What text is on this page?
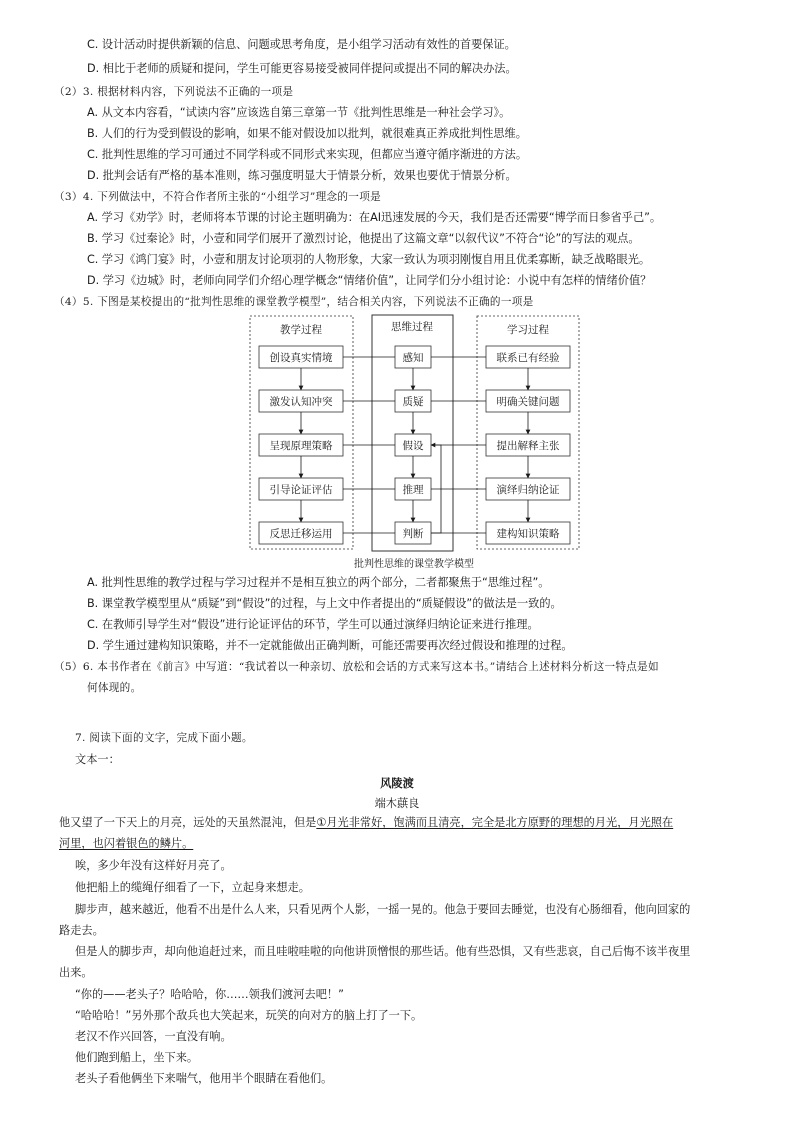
C. 设计活动时提供新颖的信息、问题或思考角度，是小组学习活动有效性的首要保证。
D. 相比于老师的质疑和提问，学生可能更容易接受被同伴提问或提出不同的解决办法。
（2）3. 根据材料内容，下列说法不正确的一项是
A. 从文本内容看，“试读内容”应该选自第三章第一节《批判性思维是一种社会学习》。
B. 人们的行为受到假设的影响，如果不能对假设加以批判，就很难真正养成批判性思维。
C. 批判性思维的学习可通过不同学科或不同形式来实现，但都应当遵守循序渐进的方法。
D. 批判会话有严格的基本准则，练习强度明显大于情景分析，效果也要优于情景分析。
（3）4. 下列做法中，不符合作者所主张的“小组学习”理念的一项是
A. 学习《劝学》时，老师将本节课的讨论主题明确为：在AI迅速发展的今天，我们是否还需要“博学而日参省乎己”。
B. 学习《过秦论》时，小壹和同学们展开了激烈讨论，他提出了这篇文章“以叙代议”不符合“论”的写法的观点。
C. 学习《鸿门宴》时，小壹和朋友讨论项羽的人物形象，大家一致认为项羽刚愎自用且优柔寡断，缺乏战略眼光。
D. 学习《边城》时，老师向同学们介绍心理学概念“情绪价值”，让同学们分小组讨论：小说中有怎样的情绪价值？
（4）5. 下图是某校提出的“批判性思维的课堂教学模型”，结合相关内容，下列说法不正确的一项是
教学过程	思维过程	学习过程
创设真实情境
激发认知冲突
呈现原理策略
引导论证评估
反思迁移运用
感知
质疑
假设
推理
判断
联系已有经验
明确关键问题
提出解释主张
演绎归纳论证
建构知识策略
批判性思维的课堂教学模型
A. 批判性思维的教学过程与学习过程并不是相互独立的两个部分，二者都聚焦于“思维过程”。
B. 课堂教学模型里从“质疑”到“假设”的过程，与上文中作者提出的“质疑假设”的做法是一致的。
C. 在教师引导学生对“假设”进行论证评估的环节，学生可以通过演绎归纳论证来进行推理。
D. 学生通过建构知识策略，并不一定就能做出正确判断，可能还需要再次经过假设和推理的过程。
（5）6. 本书作者在《前言》中写道：“我试着以一种亲切、放松和会话的方式来写这本书。”请结合上述材料分析这一特点是如
何体现的。
7. 阅读下面的文字，完成下面小题。
文本一：
风陵渡
端木蕻良
他又望了一下天上的月亮，远处的天虽然混沌，但是①月光非常好，饱满而且清亮，完全是北方原野的理想的月光，月光照在
河里，也闪着银色的鳞片。
唉，多少年没有这样好月亮了。
他把船上的缆绳仔细看了一下，立起身来想走。
脚步声，越来越近，他看不出是什么人来，只看见两个人影，一摇一晃的。他急于要回去睡觉，也没有心肠细看，他向回家的
路走去。
但是人的脚步声，却向他追赶过来，而且哇啦哇啦的向他讲顶憎恨的那些话。他有些恐惧，又有些悲哀，自己后悔不该半夜里
出来。
“你的——老头子？哈哈哈，你……领我们渡河去吧！”
“哈哈哈！”另外那个敌兵也大笑起来，玩笑的向对方的脑上打了一下。
老汉不作兴回答，一直没有响。
他们跑到船上，坐下来。
老头子看他俩坐下来喘气，他用半个眼睛在看他们。
